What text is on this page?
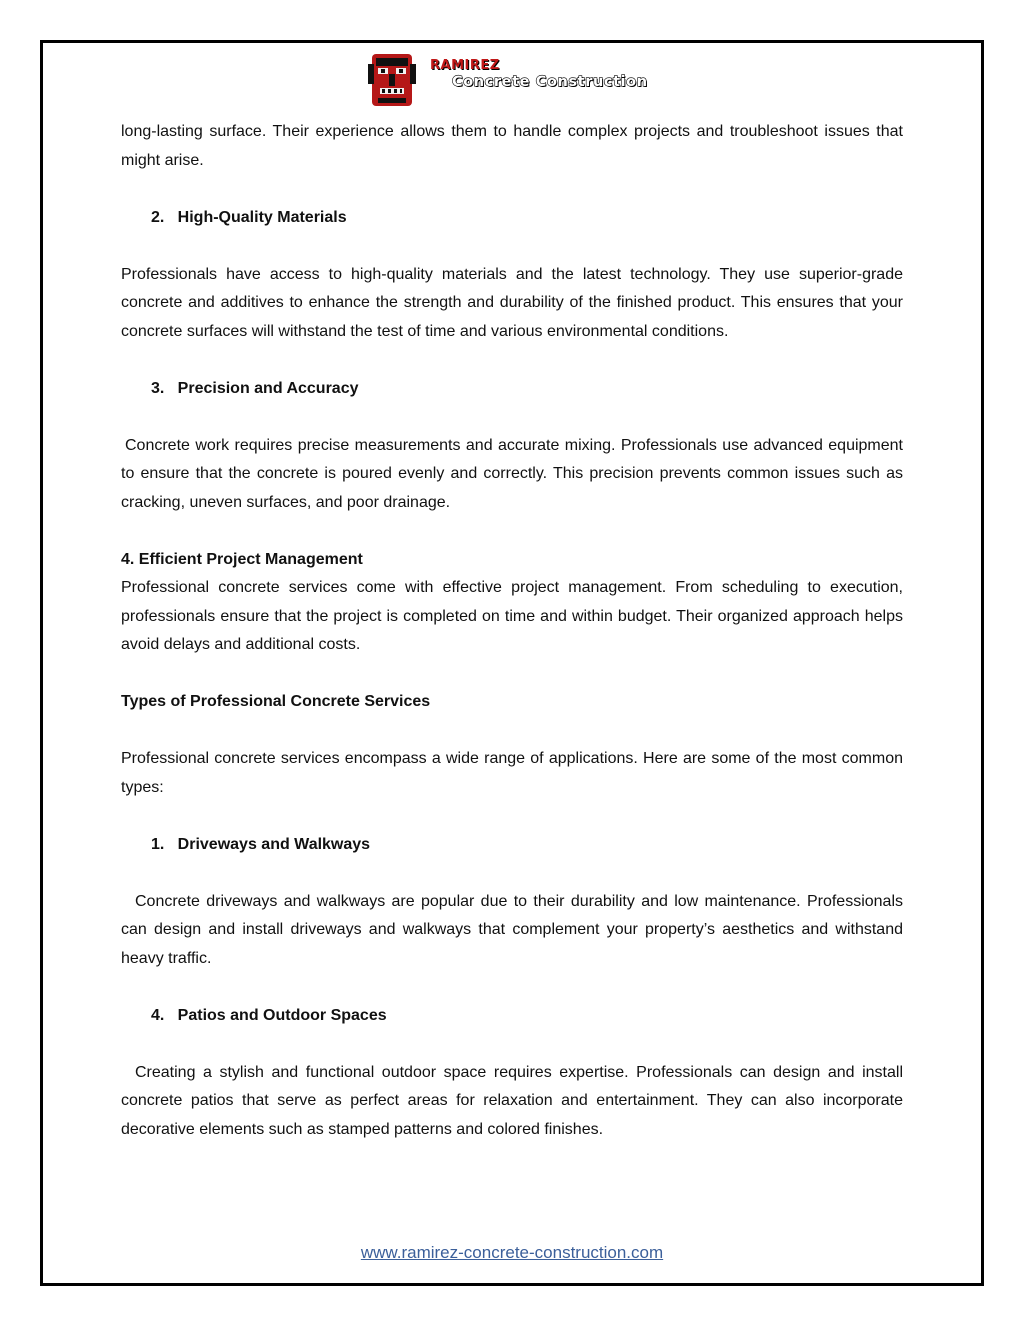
RAMIREZ
Concrete Construction

long-lasting surface. Their experience allows them to handle complex projects and troubleshoot issues that might arise.

2.   High-Quality Materials

Professionals have access to high-quality materials and the latest technology. They use superior-grade concrete and additives to enhance the strength and durability of the finished product. This ensures that your concrete surfaces will withstand the test of time and various environmental conditions.

3.   Precision and Accuracy

Concrete work requires precise measurements and accurate mixing. Professionals use advanced equipment to ensure that the concrete is poured evenly and correctly. This precision prevents common issues such as cracking, uneven surfaces, and poor drainage.

4. Efficient Project Management

Professional concrete services come with effective project management. From scheduling to execution, professionals ensure that the project is completed on time and within budget. Their organized approach helps avoid delays and additional costs.

Types of Professional Concrete Services

Professional concrete services encompass a wide range of applications. Here are some of the most common types:

1.   Driveways and Walkways

Concrete driveways and walkways are popular due to their durability and low maintenance. Professionals can design and install driveways and walkways that complement your property’s aesthetics and withstand heavy traffic.

4.   Patios and Outdoor Spaces

Creating a stylish and functional outdoor space requires expertise. Professionals can design and install concrete patios that serve as perfect areas for relaxation and entertainment. They can also incorporate decorative elements such as stamped patterns and colored finishes.

www.ramirez-concrete-construction.com
